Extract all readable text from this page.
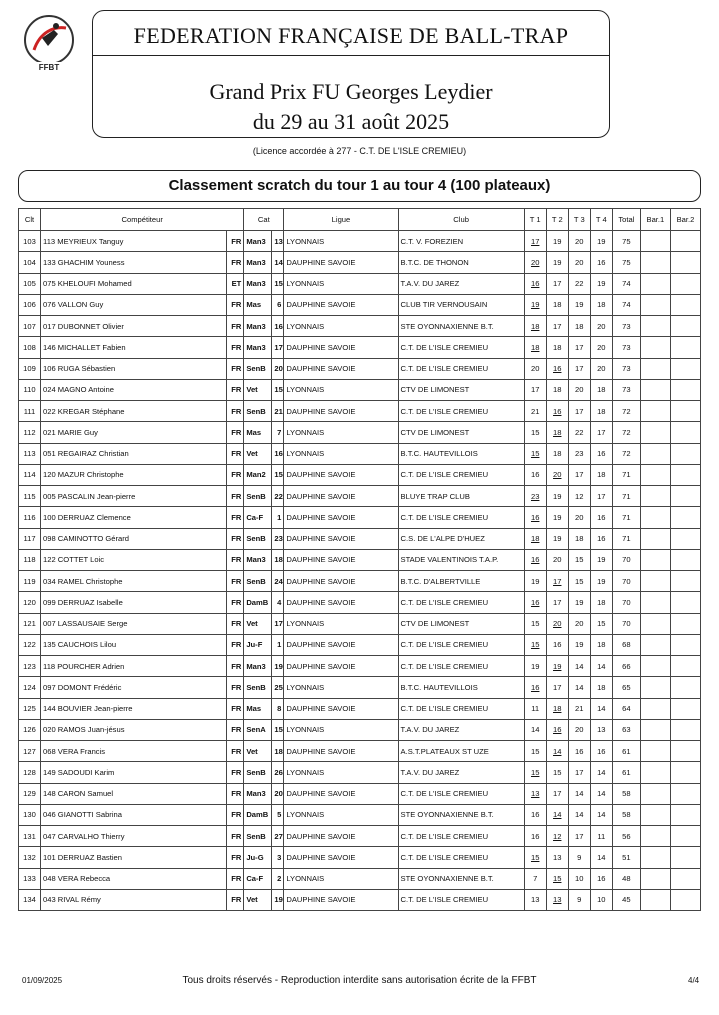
FFBT
FEDERATION FRANÇAISE DE BALL-TRAP
Grand Prix FU Georges Leydier
du 29 au 31 août 2025
(Licence accordée à 277 - C.T. DE L'ISLE CREMIEU)
Classement scratch du tour 1 au tour 4 (100 plateaux)
Clt	Compétiteur		Cat		Ligue	Club	T 1	T 2	T 3	T 4	Total	Bar.1	Bar.2
103	113 MEYRIEUX Tanguy	FR	Man3	13	LYONNAIS	C.T. V. FOREZIEN	17	19	20	19	75		
104	133 GHACHIM Youness	FR	Man3	14	DAUPHINE SAVOIE	B.T.C. DE THONON	20	19	20	16	75		
105	075 KHELOUFI Mohamed	ET	Man3	15	LYONNAIS	T.A.V. DU JAREZ	16	17	22	19	74		
106	076 VALLON Guy	FR	Mas	6	DAUPHINE SAVOIE	CLUB TIR VERNOUSAIN	19	18	19	18	74		
107	017 DUBONNET Olivier	FR	Man3	16	LYONNAIS	STE OYONNAXIENNE B.T.	18	17	18	20	73		
108	146 MICHALLET Fabien	FR	Man3	17	DAUPHINE SAVOIE	C.T. DE L'ISLE CREMIEU	18	18	17	20	73		
109	106 RUGA Sébastien	FR	SenB	20	DAUPHINE SAVOIE	C.T. DE L'ISLE CREMIEU	20	16	17	20	73		
110	024 MAGNO Antoine	FR	Vet	15	LYONNAIS	CTV DE LIMONEST	17	18	20	18	73		
111	022 KREGAR Stéphane	FR	SenB	21	DAUPHINE SAVOIE	C.T. DE L'ISLE CREMIEU	21	16	17	18	72		
112	021 MARIE Guy	FR	Mas	7	LYONNAIS	CTV DE LIMONEST	15	18	22	17	72		
113	051 REGAIRAZ Christian	FR	Vet	16	LYONNAIS	B.T.C. HAUTEVILLOIS	15	18	23	16	72		
114	120 MAZUR Christophe	FR	Man2	15	DAUPHINE SAVOIE	C.T. DE L'ISLE CREMIEU	16	20	17	18	71		
115	005 PASCALIN Jean-pierre	FR	SenB	22	DAUPHINE SAVOIE	BLUYE TRAP CLUB	23	19	12	17	71		
116	100 DERRUAZ Clemence	FR	Ca-F	1	DAUPHINE SAVOIE	C.T. DE L'ISLE CREMIEU	16	19	20	16	71		
117	098 CAMINOTTO Gérard	FR	SenB	23	DAUPHINE SAVOIE	C.S. DE L'ALPE D'HUEZ	18	19	18	16	71		
118	122 COTTET Loic	FR	Man3	18	DAUPHINE SAVOIE	STADE VALENTINOIS T.A.P.	16	20	15	19	70		
119	034 RAMEL Christophe	FR	SenB	24	DAUPHINE SAVOIE	B.T.C. D'ALBERTVILLE	19	17	15	19	70		
120	099 DERRUAZ Isabelle	FR	DamB	4	DAUPHINE SAVOIE	C.T. DE L'ISLE CREMIEU	16	17	19	18	70		
121	007 LASSAUSAIE Serge	FR	Vet	17	LYONNAIS	CTV DE LIMONEST	15	20	20	15	70		
122	135 CAUCHOIS Lilou	FR	Ju-F	1	DAUPHINE SAVOIE	C.T. DE L'ISLE CREMIEU	15	16	19	18	68		
123	118 POURCHER Adrien	FR	Man3	19	DAUPHINE SAVOIE	C.T. DE L'ISLE CREMIEU	19	19	14	14	66		
124	097 DOMONT Frédéric	FR	SenB	25	LYONNAIS	B.T.C. HAUTEVILLOIS	16	17	14	18	65		
125	144 BOUVIER Jean-pierre	FR	Mas	8	DAUPHINE SAVOIE	C.T. DE L'ISLE CREMIEU	11	18	21	14	64		
126	020 RAMOS Juan-jésus	FR	SenA	15	LYONNAIS	T.A.V. DU JAREZ	14	16	20	13	63		
127	068 VERA Francis	FR	Vet	18	DAUPHINE SAVOIE	A.S.T.PLATEAUX ST UZE	15	14	16	16	61		
128	149 SADOUDI Karim	FR	SenB	26	LYONNAIS	T.A.V. DU JAREZ	15	15	17	14	61		
129	148 CARON Samuel	FR	Man3	20	DAUPHINE SAVOIE	C.T. DE L'ISLE CREMIEU	13	17	14	14	58		
130	046 GIANOTTI Sabrina	FR	DamB	5	LYONNAIS	STE OYONNAXIENNE B.T.	16	14	14	14	58		
131	047 CARVALHO Thierry	FR	SenB	27	DAUPHINE SAVOIE	C.T. DE L'ISLE CREMIEU	16	12	17	11	56		
132	101 DERRUAZ Bastien	FR	Ju-G	3	DAUPHINE SAVOIE	C.T. DE L'ISLE CREMIEU	15	13	9	14	51		
133	048 VERA Rebecca	FR	Ca-F	2	LYONNAIS	STE OYONNAXIENNE B.T.	7	15	10	16	48		
134	043 RIVAL Rémy	FR	Vet	19	DAUPHINE SAVOIE	C.T. DE L'ISLE CREMIEU	13	13	9	10	45		
01/09/2025	Tous droits réservés - Reproduction interdite sans autorisation écrite de la FFBT	4/4
